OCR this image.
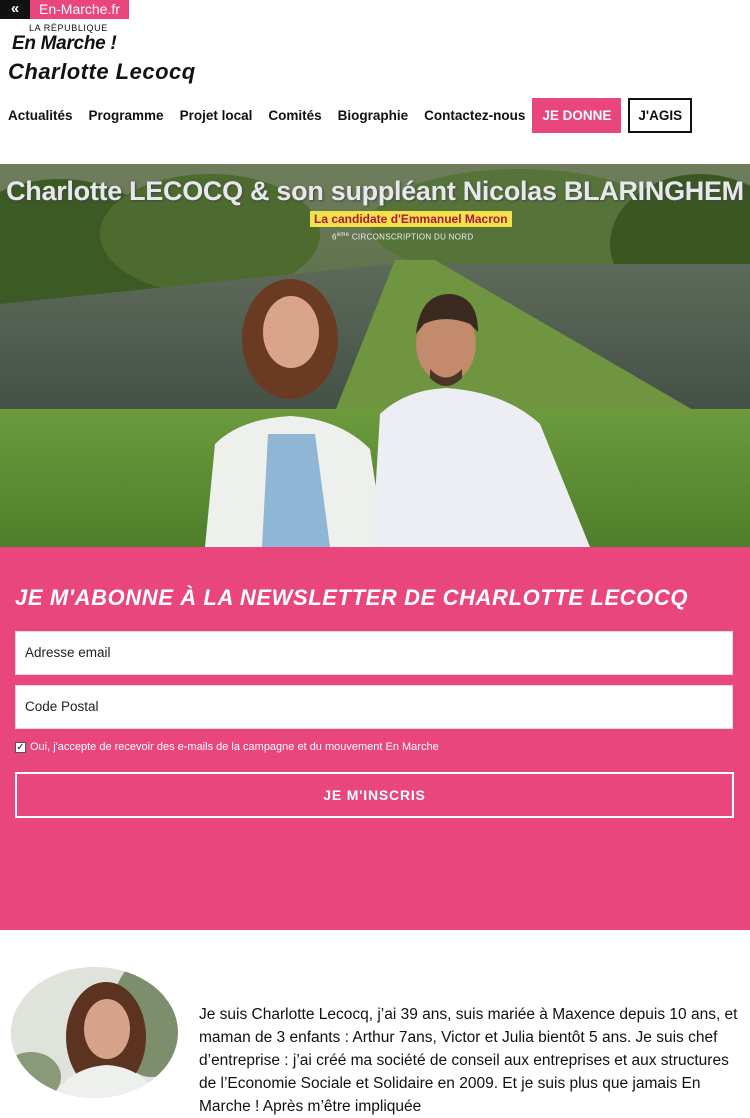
«	En-Marche.fr
LA RÉPUBLIQUE
En Marche !
Charlotte Lecocq
Actualités Programme Projet local Comités Biographie Contactez-nous	JE DONNE	J'AGIS
Charlotte LECOCQ & son suppléant Nicolas BLARINGHEM
La candidate d'Emmanuel Macron
6ème CIRCONSCRIPTION DU NORD
JE M'ABONNE À LA NEWSLETTER DE CHARLOTTE LECOCQ
Adresse email
Code Postal
✓ Oui, j'accepte de recevoir des e-mails de la campagne et du mouvement En Marche
JE M'INSCRIS
Je suis Charlotte Lecocq, j’ai 39 ans, suis mariée à Maxence depuis 10 ans, et maman de 3 enfants : Arthur 7ans, Victor et Julia bientôt 5 ans. Je suis chef d’entreprise : j’ai créé ma société de conseil aux entreprises et aux structures de l’Economie Sociale et Solidaire en 2009. Et je suis plus que jamais En Marche ! Après m’être impliquée
